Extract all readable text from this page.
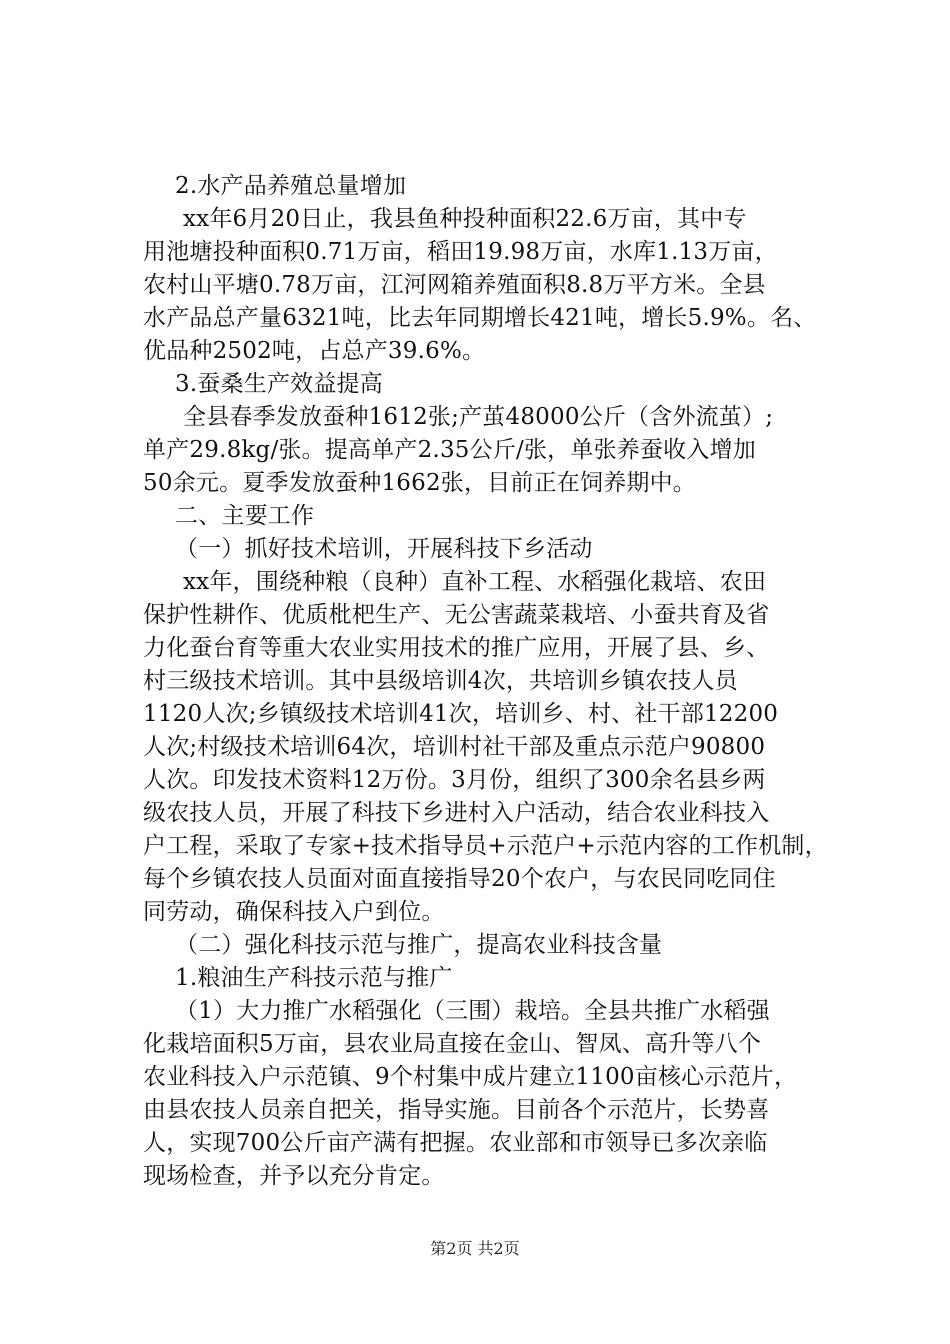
2.水产品养殖总量增加
xx年6月20日止，我县鱼种投种面积22.6万亩，其中专
用池塘投种面积0.71万亩，稻田19.98万亩，水库1.13万亩，
农村山平塘0.78万亩，江河网箱养殖面积8.8万平方米。全县
水产品总产量6321吨，比去年同期增长421吨，增长5.9%。名、
优品种2502吨，占总产39.6%。
3.蚕桑生产效益提高
全县春季发放蚕种1612张;产茧48000公斤（含外流茧）;
单产29.8kg/张。提高单产2.35公斤/张，单张养蚕收入增加
50余元。夏季发放蚕种1662张，目前正在饲养期中。
二、主要工作
（一）抓好技术培训，开展科技下乡活动
xx年，围绕种粮（良种）直补工程、水稻强化栽培、农田
保护性耕作、优质枇杷生产、无公害蔬菜栽培、小蚕共育及省
力化蚕台育等重大农业实用技术的推广应用，开展了县、乡、
村三级技术培训。其中县级培训4次，共培训乡镇农技人员
1120人次;乡镇级技术培训41次，培训乡、村、社干部12200
人次;村级技术培训64次，培训村社干部及重点示范户90800
人次。印发技术资料12万份。3月份，组织了300余名县乡两
级农技人员，开展了科技下乡进村入户活动，结合农业科技入
户工程，采取了专家+技术指导员+示范户+示范内容的工作机制，
每个乡镇农技人员面对面直接指导20个农户，与农民同吃同住
同劳动，确保科技入户到位。
（二）强化科技示范与推广，提高农业科技含量
1.粮油生产科技示范与推广
（1）大力推广水稻强化（三围）栽培。全县共推广水稻强
化栽培面积5万亩，县农业局直接在金山、智凤、高升等八个
农业科技入户示范镇、9个村集中成片建立1100亩核心示范片，
由县农技人员亲自把关，指导实施。目前各个示范片，长势喜
人，实现700公斤亩产满有把握。农业部和市领导已多次亲临
现场检查，并予以充分肯定。
第2页 共2页
